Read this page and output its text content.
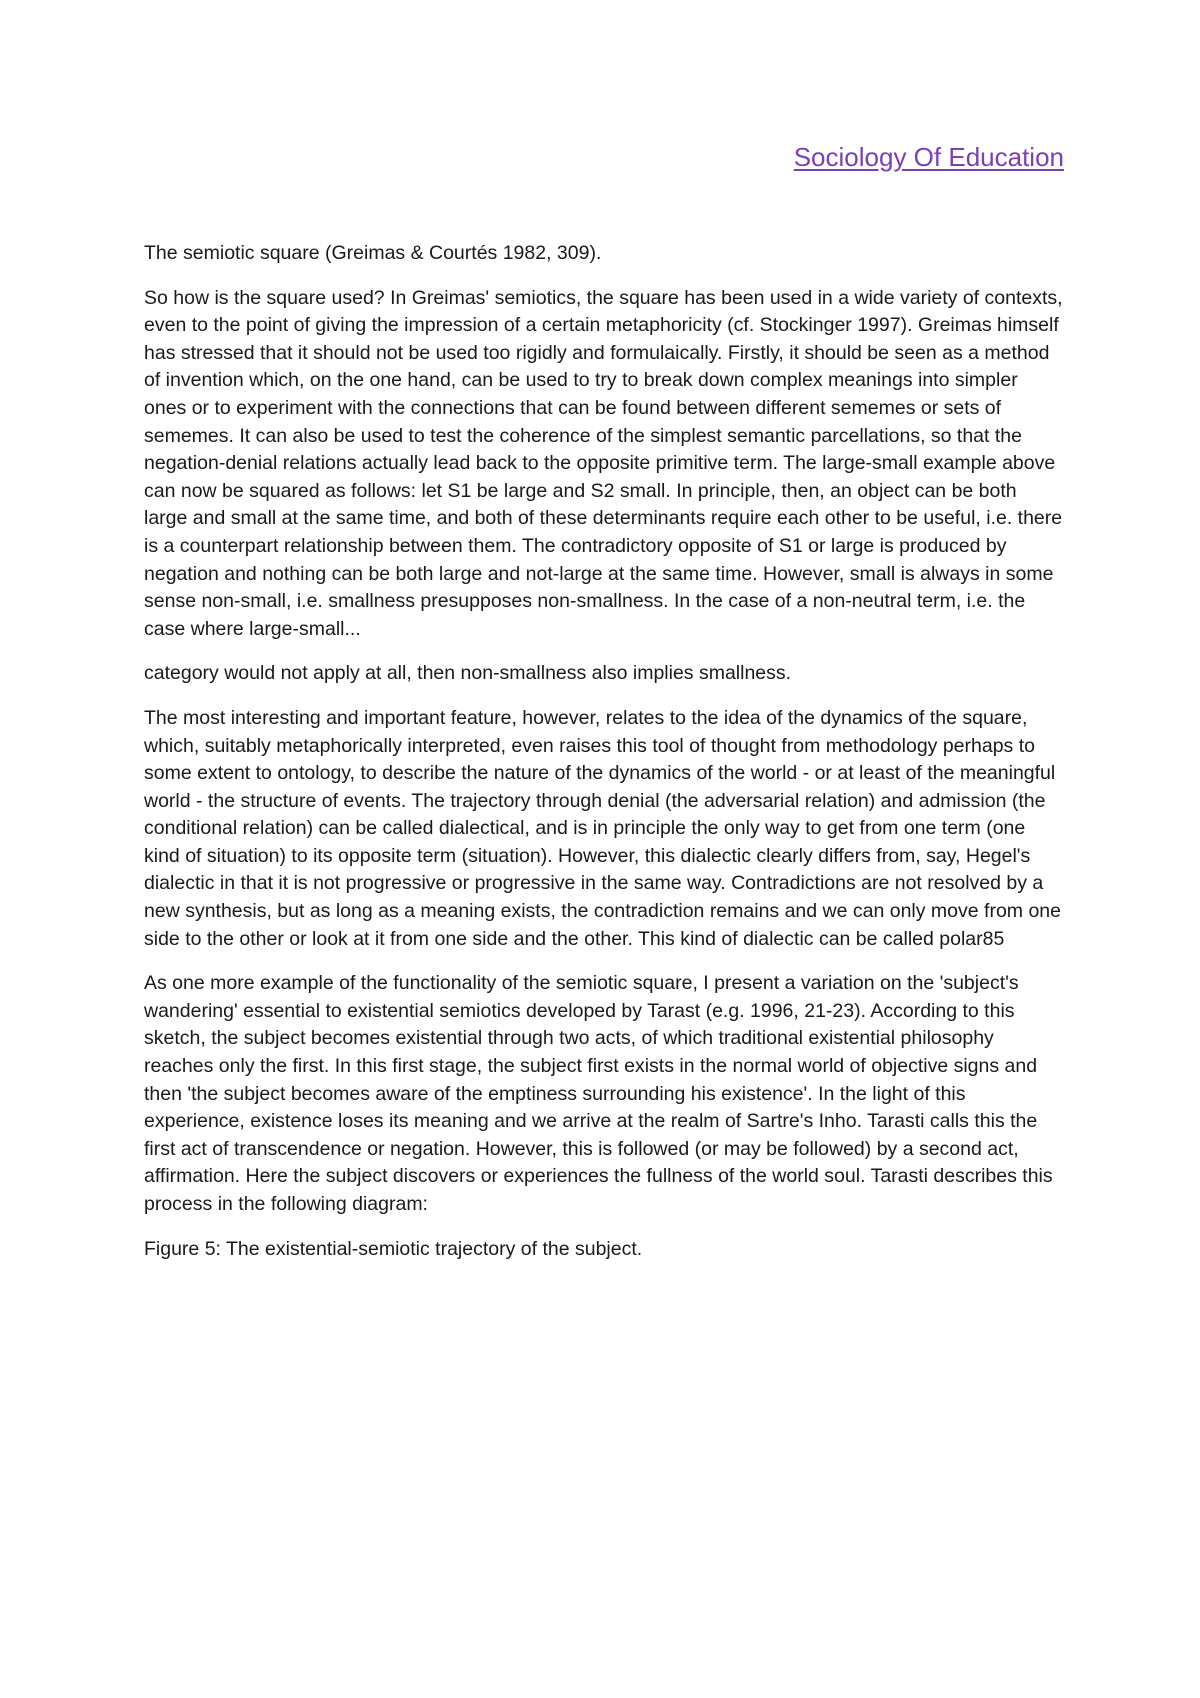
Sociology Of Education

The semiotic square (Greimas & Courtés 1982, 309).

So how is the square used? In Greimas' semiotics, the square has been used in a wide variety of contexts, even to the point of giving the impression of a certain metaphoricity (cf. Stockinger 1997). Greimas himself has stressed that it should not be used too rigidly and formulaically. Firstly, it should be seen as a method of invention which, on the one hand, can be used to try to break down complex meanings into simpler ones or to experiment with the connections that can be found between different sememes or sets of sememes. It can also be used to test the coherence of the simplest semantic parcellations, so that the negation-denial relations actually lead back to the opposite primitive term. The large-small example above can now be squared as follows: let S1 be large and S2 small. In principle, then, an object can be both large and small at the same time, and both of these determinants require each other to be useful, i.e. there is a counterpart relationship between them. The contradictory opposite of S1 or large is produced by negation and nothing can be both large and not-large at the same time. However, small is always in some sense non-small, i.e. smallness presupposes non-smallness. In the case of a non-neutral term, i.e. the case where large-small...

category would not apply at all, then non-smallness also implies smallness.

The most interesting and important feature, however, relates to the idea of the dynamics of the square, which, suitably metaphorically interpreted, even raises this tool of thought from methodology perhaps to some extent to ontology, to describe the nature of the dynamics of the world - or at least of the meaningful world - the structure of events. The trajectory through denial (the adversarial relation) and admission (the conditional relation) can be called dialectical, and is in principle the only way to get from one term (one kind of situation) to its opposite term (situation). However, this dialectic clearly differs from, say, Hegel's dialectic in that it is not progressive or progressive in the same way. Contradictions are not resolved by a new synthesis, but as long as a meaning exists, the contradiction remains and we can only move from one side to the other or look at it from one side and the other. This kind of dialectic can be called polar85

As one more example of the functionality of the semiotic square, I present a variation on the 'subject's wandering' essential to existential semiotics developed by Tarast (e.g. 1996, 21-23). According to this sketch, the subject becomes existential through two acts, of which traditional existential philosophy reaches only the first. In this first stage, the subject first exists in the normal world of objective signs and then 'the subject becomes aware of the emptiness surrounding his existence'. In the light of this experience, existence loses its meaning and we arrive at the realm of Sartre's Inho. Tarasti calls this the first act of transcendence or negation. However, this is followed (or may be followed) by a second act, affirmation. Here the subject discovers or experiences the fullness of the world soul. Tarasti describes this process in the following diagram:

Figure 5: The existential-semiotic trajectory of the subject.
